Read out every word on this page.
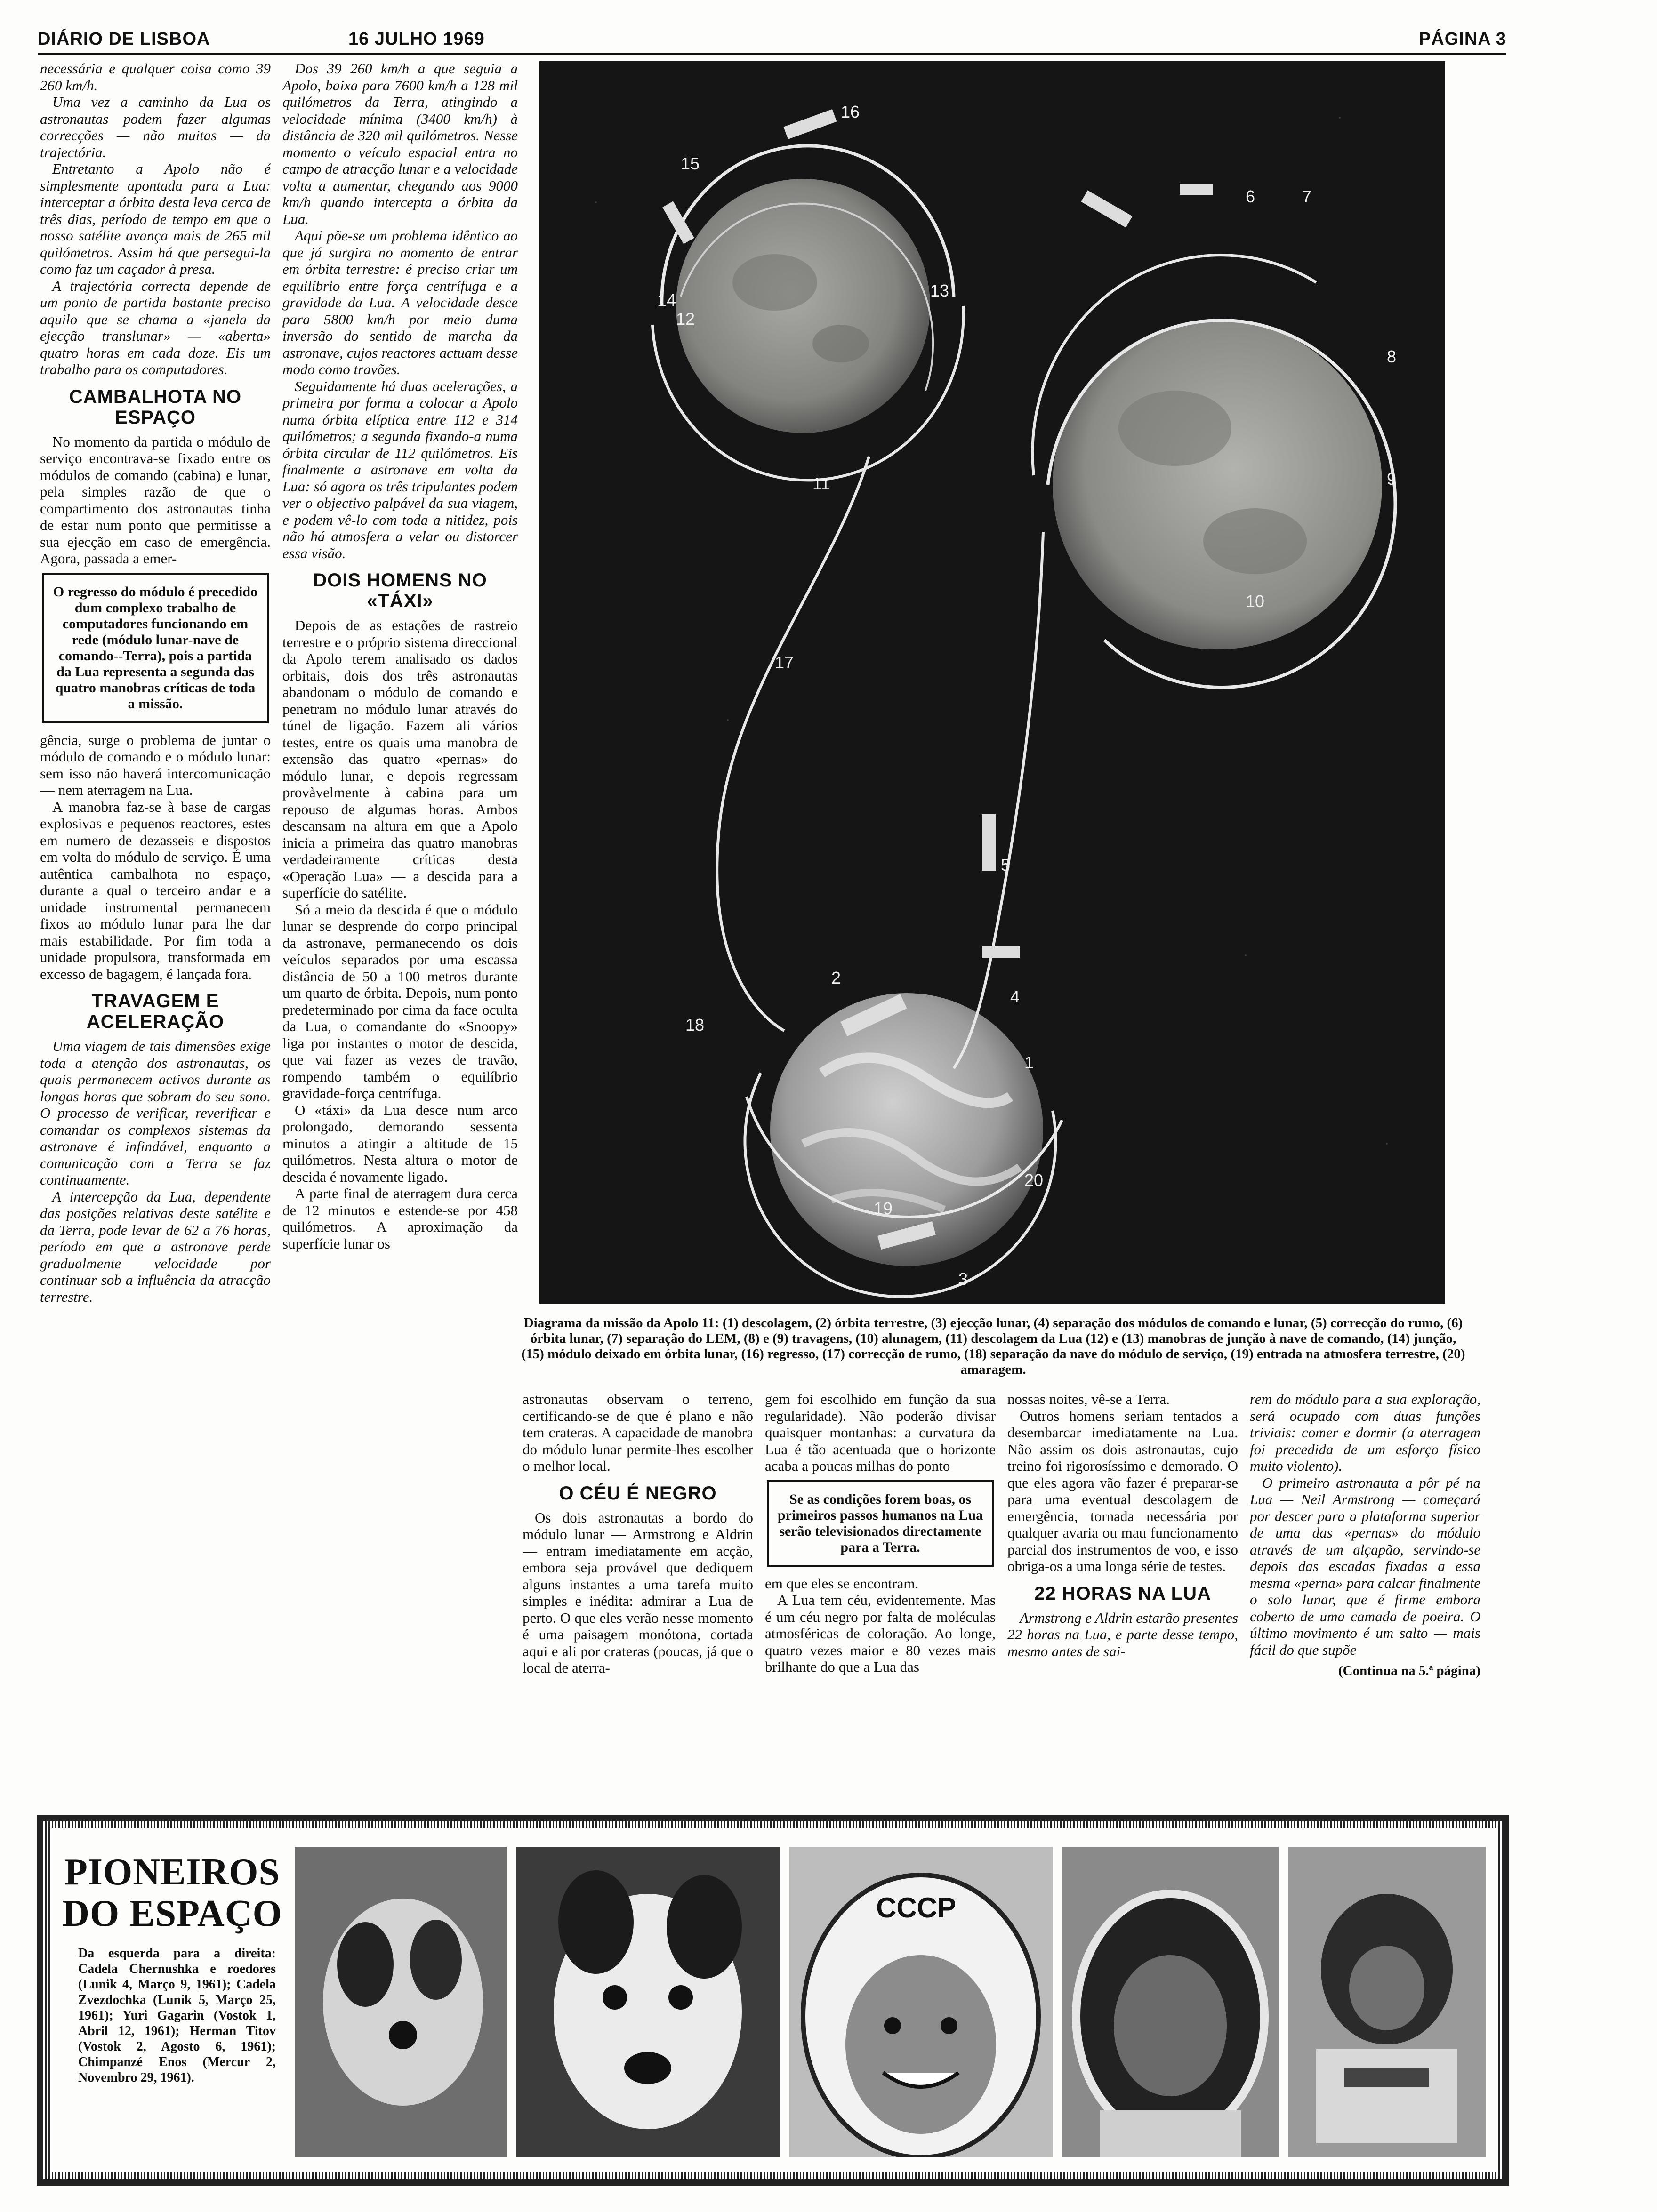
DIÁRIO DE LISBOA	16 JULHO 1969	PÁGINA 3

necessária e qualquer coisa como 39 260 km/h.

Uma vez a caminho da Lua os astronautas podem fazer algumas correcções — não muitas — da trajectória.

Entretanto a Apolo não é simplesmente apontada para a Lua: interceptar a órbita desta leva cerca de três dias, período de tempo em que o nosso satélite avança mais de 265 mil quilómetros. Assim há que persegui-la como faz um caçador à presa.

A trajectória correcta depende de um ponto de partida bastante preciso aquilo que se chama a «janela da ejecção translunar» — «aberta» quatro horas em cada doze. Eis um trabalho para os computadores.

CAMBALHOTA NO ESPAÇO

No momento da partida o módulo de serviço encontrava-se fixado entre os módulos de comando (cabina) e lunar, pela simples razão de que o compartimento dos astronautas tinha de estar num ponto que permitisse a sua ejecção em caso de emergência. Agora, passada a emer-

O regresso do módulo é precedido dum complexo trabalho de computadores funcionando em rede (módulo lunar-nave de comando--Terra), pois a partida da Lua representa a segunda das quatro manobras críticas de toda a missão.

gência, surge o problema de juntar o módulo de comando e o módulo lunar: sem isso não haverá intercomunicação — nem aterragem na Lua.

A manobra faz-se à base de cargas explosivas e pequenos reactores, estes em numero de dezasseis e dispostos em volta do módulo de serviço. É uma autêntica cambalhota no espaço, durante a qual o terceiro andar e a unidade instrumental permanecem fixos ao módulo lunar para lhe dar mais estabilidade. Por fim toda a unidade propulsora, transformada em excesso de bagagem, é lançada fora.

TRAVAGEM E ACELERAÇÃO

Uma viagem de tais dimensões exige toda a atenção dos astronautas, os quais permanecem activos durante as longas horas que sobram do seu sono. O processo de verificar, reverificar e comandar os complexos sistemas da astronave é infindável, enquanto a comunicação com a Terra se faz continuamente.

A intercepção da Lua, dependente das posições relativas deste satélite e da Terra, pode levar de 62 a 76 horas, período em que a astronave perde gradualmente velocidade por continuar sob a influência da atracção terrestre.

Dos 39 260 km/h a que seguia a Apolo, baixa para 7600 km/h a 128 mil quilómetros da Terra, atingindo a velocidade mínima (3400 km/h) à distância de 320 mil quilómetros. Nesse momento o veículo espacial entra no campo de atracção lunar e a velocidade volta a aumentar, chegando aos 9000 km/h quando intercepta a órbita da Lua.

Aqui põe-se um problema idêntico ao que já surgira no momento de entrar em órbita terrestre: é preciso criar um equilíbrio entre força centrífuga e a gravidade da Lua. A velocidade desce para 5800 km/h por meio duma inversão do sentido de marcha da astronave, cujos reactores actuam desse modo como travões.

Seguidamente há duas acelerações, a primeira por forma a colocar a Apolo numa órbita elíptica entre 112 e 314 quilómetros; a segunda fixando-a numa órbita circular de 112 quilómetros. Eis finalmente a astronave em volta da Lua: só agora os três tripulantes podem ver o objectivo palpável da sua viagem, e podem vê-lo com toda a nitidez, pois não há atmosfera a velar ou distorcer essa visão.

DOIS HOMENS NO «TÁXI»

Depois de as estações de rastreio terrestre e o próprio sistema direccional da Apolo terem analisado os dados orbitais, dois dos três astronautas abandonam o módulo de comando e penetram no módulo lunar através do túnel de ligação. Fazem ali vários testes, entre os quais uma manobra de extensão das quatro «pernas» do módulo lunar, e depois regressam provàvelmente à cabina para um repouso de algumas horas. Ambos descansam na altura em que a Apolo inicia a primeira das quatro manobras verdadeiramente críticas desta «Operação Lua» — a descida para a superfície do satélite.

Só a meio da descida é que o módulo lunar se desprende do corpo principal da astronave, permanecendo os dois veículos separados por uma escassa distância de 50 a 100 metros durante um quarto de órbita. Depois, num ponto predeterminado por cima da face oculta da Lua, o comandante do «Snoopy» liga por instantes o motor de descida, que vai fazer as vezes de travão, rompendo também o equilíbrio gravidade-força centrífuga.

O «táxi» da Lua desce num arco prolongado, demorando sessenta minutos a atingir a altitude de 15 quilómetros. Nesta altura o motor de descida é novamente ligado.

A parte final de aterragem dura cerca de 12 minutos e estende-se por 458 quilómetros. A aproximação da superfície lunar os

1
2
3
4
5
6	7
8
9
10
11
12
13
14
15
16
17
18
19
20
Diagrama da missão da Apolo 11: (1) descolagem, (2) órbita terrestre, (3) ejecção lunar, (4) separação dos módulos de comando e lunar, (5) correcção do rumo, (6) órbita lunar, (7) separação do LEM, (8) e (9) travagens, (10) alunagem, (11) descolagem da Lua (12) e (13) manobras de junção à nave de comando, (14) junção, (15) módulo deixado em órbita lunar, (16) regresso, (17) correcção de rumo, (18) separação da nave do módulo de serviço, (19) entrada na atmosfera terrestre, (20) amaragem.

astronautas observam o terreno, certificando-se de que é plano e não tem crateras. A capacidade de manobra do módulo lunar permite-lhes escolher o melhor local.

O CÉU É NEGRO

Os dois astronautas a bordo do módulo lunar — Armstrong e Aldrin — entram imediatamente em acção, embora seja provável que dediquem alguns instantes a uma tarefa muito simples e inédita: admirar a Lua de perto. O que eles verão nesse momento é uma paisagem monótona, cortada aqui e ali por crateras (poucas, já que o local de aterra-

gem foi escolhido em função da sua regularidade). Não poderão divisar quaisquer montanhas: a curvatura da Lua é tão acentuada que o horizonte acaba a poucas milhas do ponto

Se as condições forem boas, os primeiros passos humanos na Lua serão televisionados directamente para a Terra.

em que eles se encontram.

A Lua tem céu, evidentemente. Mas é um céu negro por falta de moléculas atmosféricas de coloração. Ao longe, quatro vezes maior e 80 vezes mais brilhante do que a Lua das

nossas noites, vê-se a Terra.

Outros homens seriam tentados a desembarcar imediatamente na Lua. Não assim os dois astronautas, cujo treino foi rigorosíssimo e demorado. O que eles agora vão fazer é preparar-se para uma eventual descolagem de emergência, tornada necessária por qualquer avaria ou mau funcionamento parcial dos instrumentos de voo, e isso obriga-os a uma longa série de testes.

22 HORAS NA LUA

Armstrong e Aldrin estarão presentes 22 horas na Lua, e parte desse tempo, mesmo antes de sai-

rem do módulo para a sua exploração, será ocupado com duas funções triviais: comer e dormir (a aterragem foi precedida de um esforço físico muito violento).

O primeiro astronauta a pôr pé na Lua — Neil Armstrong — começará por descer para a plataforma superior de uma das «pernas» do módulo através de um alçapão, servindo-se depois das escadas fixadas a essa mesma «perna» para calcar finalmente o solo lunar, que é firme embora coberto de uma camada de poeira. O último movimento é um salto — mais fácil do que supõe

(Continua na 5.ª página)
PIONEIROS
DO ESPAÇO
Da esquerda para a direita: Cadela Chernushka e roedores (Lunik 4, Março 9, 1961); Cadela Zvezdochka (Lunik 5, Março 25, 1961); Yuri Gagarin (Vostok 1, Abril 12, 1961); Herman Titov (Vostok 2, Agosto 6, 1961); Chimpanzé Enos (Mercur 2, Novembro 29, 1961).
СССР
